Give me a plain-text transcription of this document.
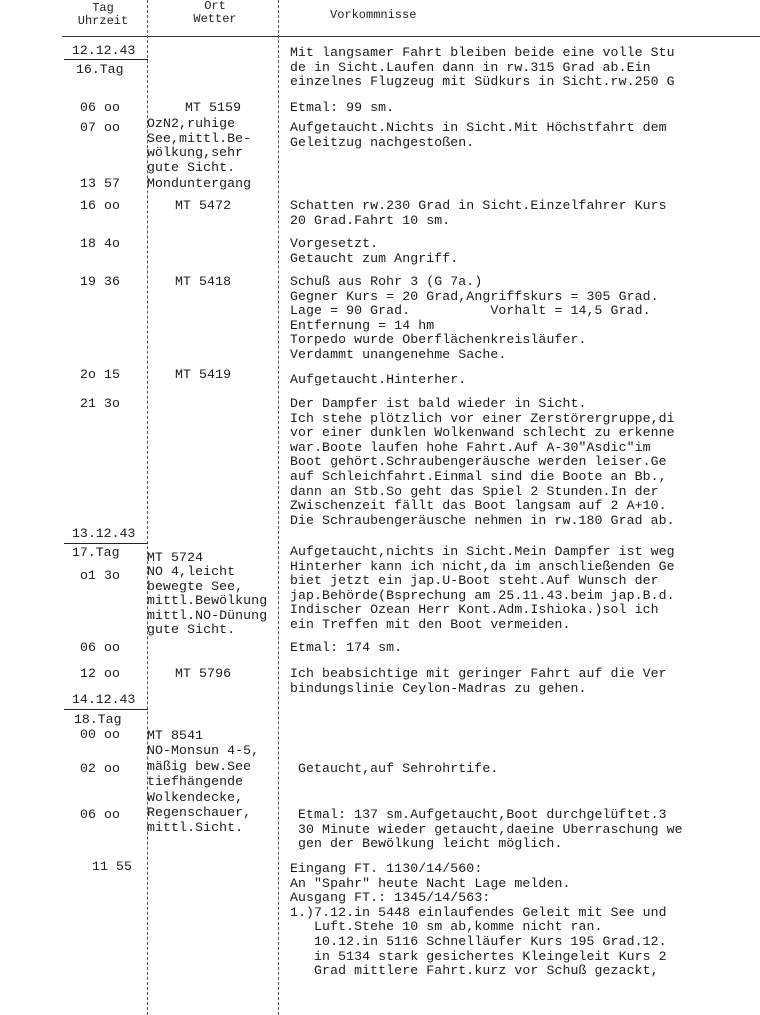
Tag
Uhrzeit
Ort
Wetter	Vorkommnisse
12.12.43
16.Tag
13.12.43
17.Tag
14.12.43
18.Tag
06 oo
07 oo
13 57
16 oo
18 4o
19 36
2o 15
21 3o
o1 3o
06 oo
12 oo
00 oo
02 oo
06 oo
11 55
MT 5159
OzN2,ruhige
See,mittl.Be-
wölkung,sehr
gute Sicht.
Monduntergang
MT 5472
MT 5418
MT 5419
MT 5724
NO 4,leicht
bewegte See,
mittl.Bewölkung
mittl.NO-Dünung
gute Sicht.
MT 5796
MT 8541
NO-Monsun 4-5,
mäßig bew.See
tiefhängende
Wolkendecke,
Regenschauer,
mittl.Sicht.
Mit langsamer Fahrt bleiben beide eine volle Stu
de in Sicht.Laufen dann in rw.315 Grad ab.Ein
einzelnes Flugzeug mit Südkurs in Sicht.rw.250 G
Etmal: 99 sm.
Aufgetaucht.Nichts in Sicht.Mit Höchstfahrt dem
Geleitzug nachgestoßen.
Schatten rw.230 Grad in Sicht.Einzelfahrer Kurs
20 Grad.Fahrt 10 sm.
Vorgesetzt.
Getaucht zum Angriff.
Schuß aus Rohr 3 (G 7a.)
Gegner Kurs = 20 Grad,Angriffskurs = 305 Grad.
Lage = 90 Grad.          Vorhalt = 14,5 Grad.
Entfernung = 14 hm
Torpedo wurde Oberflächenkreisläufer.
Verdammt unangenehme Sache.
Aufgetaucht.Hinterher.
Der Dampfer ist bald wieder in Sicht.
Ich stehe plötzlich vor einer Zerstörergruppe,di
vor einer dunklen Wolkenwand schlecht zu erkenne
war.Boote laufen hohe Fahrt.Auf A-30"Asdic"im
Boot gehört.Schraubengeräusche werden leiser.Ge
auf Schleichfahrt.Einmal sind die Boote an Bb.,
dann an Stb.So geht das Spiel 2 Stunden.In der
Zwischenzeit fällt das Boot langsam auf 2 A+10.
Die Schraubengeräusche nehmen in rw.180 Grad ab.
Aufgetaucht,nichts in Sicht.Mein Dampfer ist weg
Hinterher kann ich nicht,da im anschließenden Ge
biet jetzt ein jap.U-Boot steht.Auf Wunsch der
jap.Behörde(Bsprechung am 25.11.43.beim jap.B.d.
Indischer Ozean Herr Kont.Adm.Ishioka.)sol ich
ein Treffen mit den Boot vermeiden.
Etmal: 174 sm.
Ich beabsichtige mit geringer Fahrt auf die Ver
bindungslinie Ceylon-Madras zu gehen.
Getaucht,auf Sehrohrtife.
Etmal: 137 sm.Aufgetaucht,Boot durchgelüftet.3
30 Minute wieder getaucht,daeine Uberraschung we
gen der Bewölkung leicht möglich.
Eingang FT. 1130/14/560:
An "Spahr" heute Nacht Lage melden.
Ausgang FT.: 1345/14/563:
1.)7.12.in 5448 einlaufendes Geleit mit See und
Luft.Stehe 10 sm ab,komme nicht ran.
10.12.in 5116 Schnelläufer Kurs 195 Grad.12.
in 5134 stark gesichertes Kleingeleit Kurs 2
Grad mittlere Fahrt.kurz vor Schuß gezackt,
